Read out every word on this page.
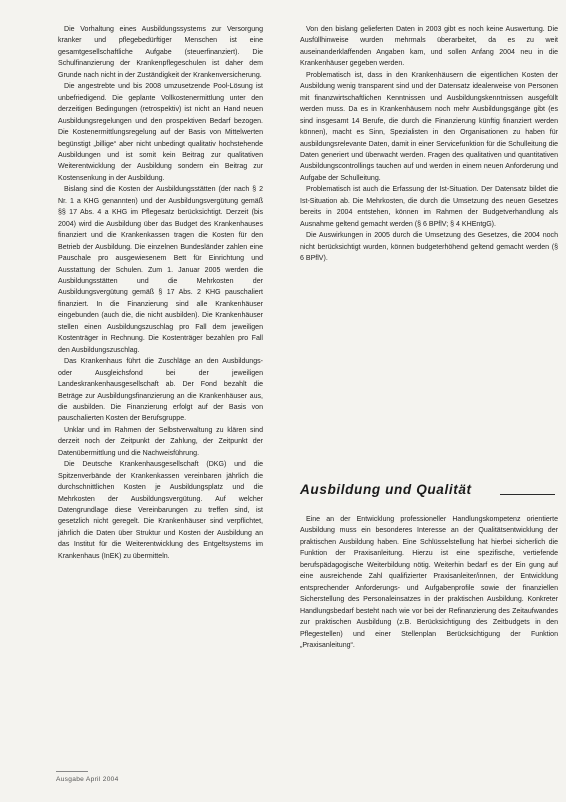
Die Vorhaltung eines Ausbildungssystems zur Versorgung kranker und pflegebedürftiger Menschen ist eine gesamtgesellschaftliche Aufgabe (steuerfinanziert). Die Schulfinanzierung der Krankenpflegeschulen ist daher dem Grunde nach nicht in der Zuständigkeit der Krankenversicherung.

Die angestrebte und bis 2008 umzusetzende Pool-Lösung ist unbefriedigend. Die geplante Vollkostenermittlung unter den derzeitigen Bedingungen (retrospektiv) ist nicht an Hand neuen Ausbildungsregelungen und den prospektiven Bedarf bezogen. Die Kostenermittlungsregelung auf der Basis von Mittelwerten begünstigt „billige“ aber nicht unbedingt qualitativ hochstehende Ausbildungen und ist somit kein Beitrag zur qualitativen Weiterentwicklung der Ausbildung sondern ein Beitrag zur Kostensenkung in der Ausbildung.

Bislang sind die Kosten der Ausbildungsstätten (der nach § 2 Nr. 1 a KHG genannten) und der Ausbildungsvergütung gemäß §§ 17 Abs. 4 a KHG im Pflegesatz berücksichtigt. Derzeit (bis 2004) wird die Ausbildung über das Budget des Krankenhauses finanziert und die Krankenkassen tragen die Kosten für den Betrieb der Ausbildung. Die einzelnen Bundesländer zahlen eine Pauschale pro ausgewiesenem Bett für Einrichtung und Ausstattung der Schulen. Zum 1. Januar 2005 werden die Ausbildungsstätten und die Mehrkosten der Ausbildungsvergütung gemäß § 17 Abs. 2 KHG pauschaliert finanziert. In die Finanzierung sind alle Krankenhäuser eingebunden (auch die, die nicht ausbilden). Die Krankenhäuser stellen einen Ausbildungszuschlag pro Fall dem jeweiligen Kostenträger in Rechnung. Die Kostenträger bezahlen pro Fall den Ausbildungszuschlag.

Das Krankenhaus führt die Zuschläge an den Ausbildungs- oder Ausgleichsfond bei der jeweiligen Landeskrankenhausgesellschaft ab. Der Fond bezahlt die Beträge zur Ausbildungsfinanzierung an die Krankenhäuser aus, die ausbilden. Die Finanzierung erfolgt auf der Basis von pauschalierten Kosten der Berufsgruppe.

Unklar und im Rahmen der Selbstverwaltung zu klären sind derzeit noch der Zeitpunkt der Zahlung, der Zeitpunkt der Datenübermittlung und die Nachweisführung.

Die Deutsche Krankenhausgesellschaft (DKG) und die Spitzenverbände der Krankenkassen vereinbaren jährlich die durchschnittlichen Kosten je Ausbildungsplatz und die Mehrkosten der Ausbildungsvergütung. Auf welcher Datengrundlage diese Vereinbarungen zu treffen sind, ist gesetzlich nicht geregelt. Die Krankenhäuser sind verpflichtet, jährlich die Daten über Struktur und Kosten der Ausbildung an das Institut für die Weiterentwicklung des Entgeltsystems im Krankenhaus (InEK) zu übermitteln.

Von den bislang gelieferten Daten in 2003 gibt es noch keine Auswertung. Die Ausfüllhinweise wurden mehrmals überarbeitet, da es zu weit auseinanderklaffenden Angaben kam, und sollen Anfang 2004 neu in die Krankenhäuser gegeben werden.

Problematisch ist, dass in den Krankenhäusern die eigentlichen Kosten der Ausbildung wenig transparent sind und der Datensatz idealerweise von Personen mit finanzwirtschaftlichen Kenntnissen und Ausbildungskenntnissen ausgefüllt werden muss. Da es in Krankenhäusern noch mehr Ausbildungsgänge gibt (es sind insgesamt 14 Berufe, die durch die Finanzierung künftig finanziert werden können), macht es Sinn, Spezialisten in den Organisationen zu haben für ausbildungsrelevante Daten, damit in einer Servicefunktion für die Schulleitung die Daten generiert und überwacht werden. Fragen des qualitativen und quantitativen Ausbildungscontrollings tauchen auf und werden in einem neuen Anforderung und Aufgabe der Schulleitung.

Problematisch ist auch die Erfassung der Ist-Situation. Der Datensatz bildet die Ist-Situation ab. Die Mehrkosten, die durch die Umsetzung des neuen Gesetzes bereits in 2004 entstehen, können im Rahmen der Budgetverhandlung als Ausnahme geltend gemacht werden (§ 6 BPflV; § 4 KHEntgG).

Die Auswirkungen in 2005 durch die Umsetzung des Gesetzes, die 2004 noch nicht berücksichtigt wurden, können budgeterhöhend geltend gemacht werden (§ 6 BPflV).

Ausbildung und Qualität

Eine an der Entwicklung professioneller Handlungskompetenz orientierte Ausbildung muss ein besonderes Interesse an der Qualitätsentwicklung der praktischen Ausbildung haben. Eine Schlüsselstellung hat hierbei sicherlich die Funktion der Praxisanleitung. Hierzu ist eine spezifische, vertiefende berufspädagogische Weiterbildung nötig. Weiterhin bedarf es der Ein gung auf eine ausreichende Zahl qualifizierter Praxisanleiter/innen, der Entwicklung entsprechender Anforderungs- und Aufgabenprofile sowie der finanziellen Sicherstellung des Personaleinsatzes in der praktischen Ausbildung. Konkreter Handlungsbedarf besteht nach wie vor bei der Refinanzierung des Zeitaufwandes zur praktischen Ausbildung (z.B. Berücksichtigung des Zeitbudgets in den Pflegestellen) und einer Stellenplan Berücksichtigung der Funktion „Praxisanleitung“.

Ausgabe April 2004
